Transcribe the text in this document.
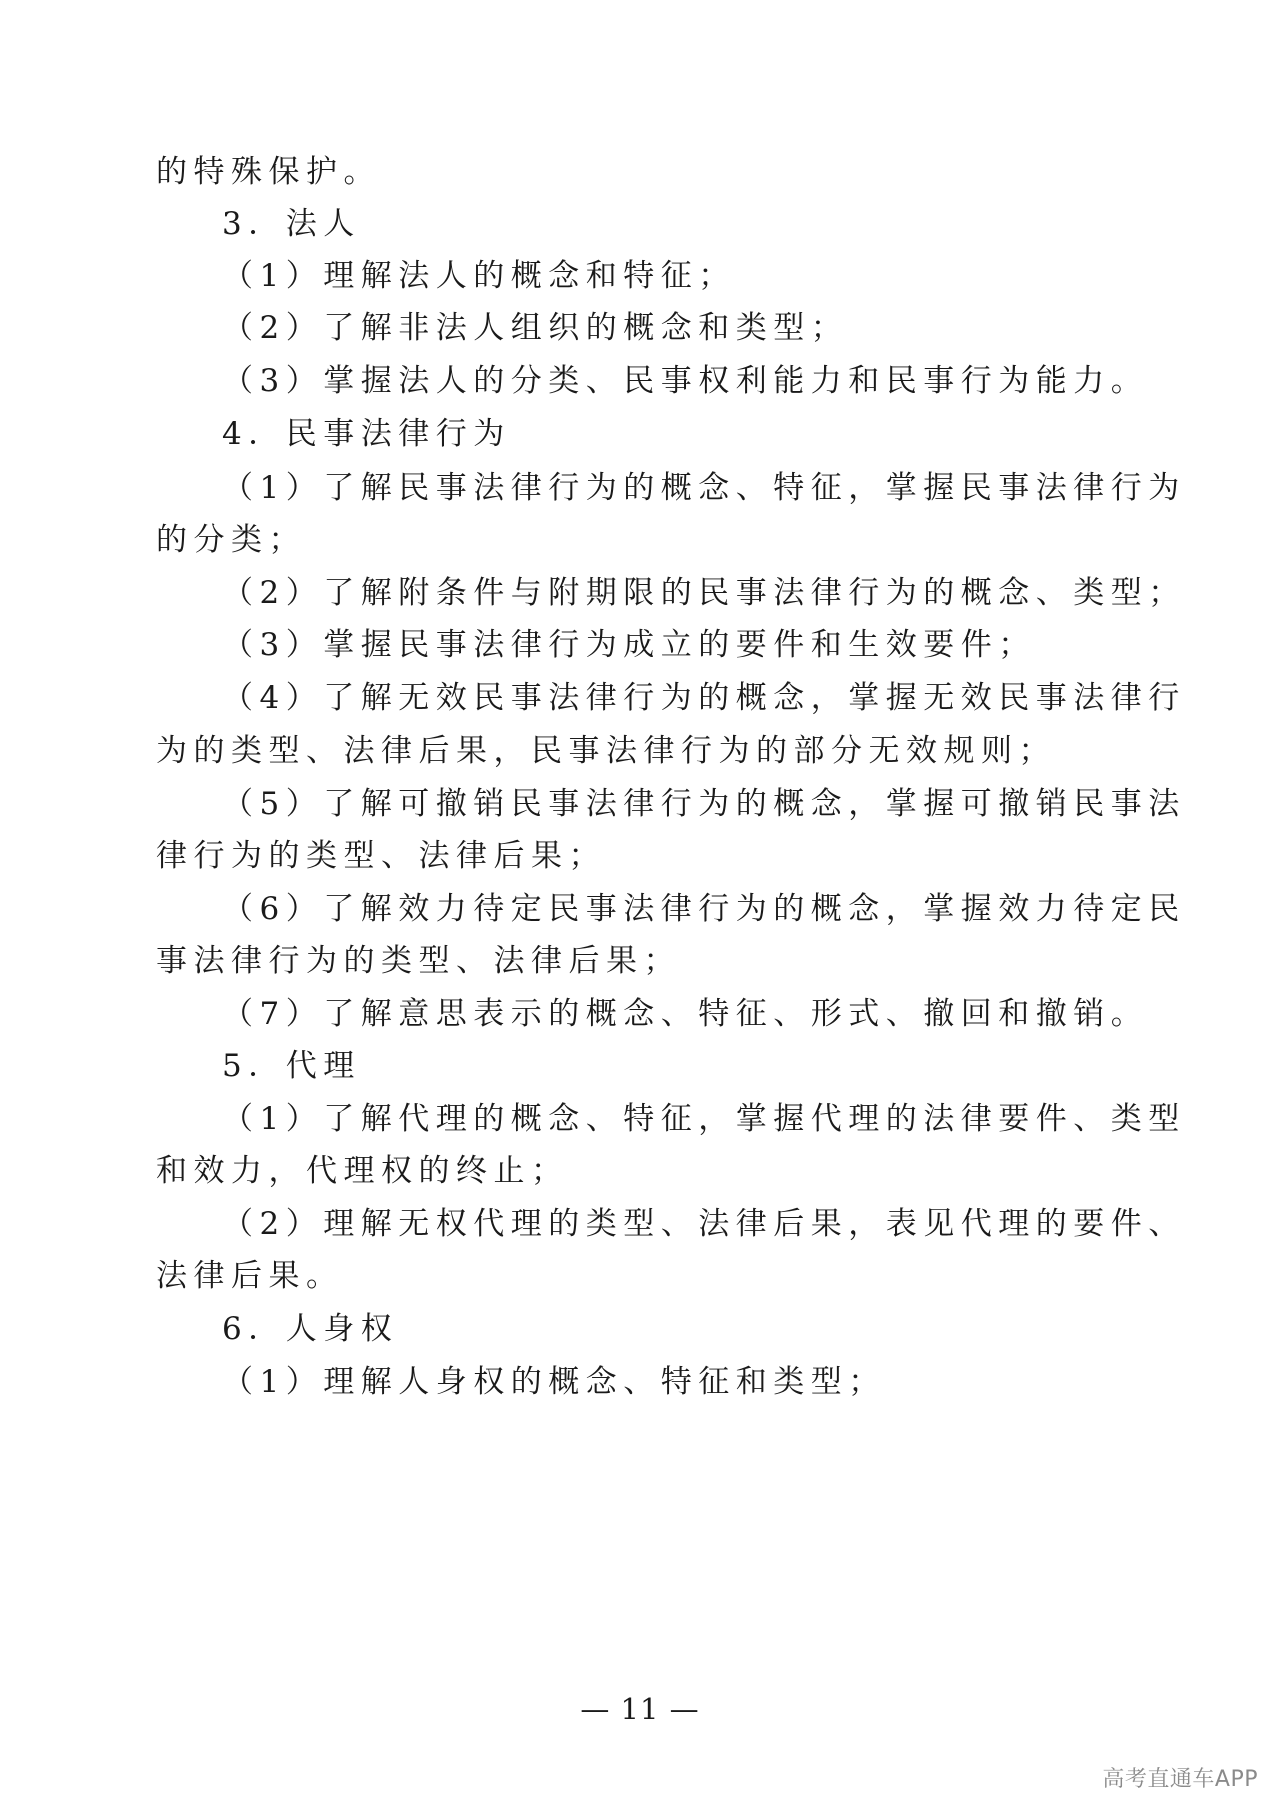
的特殊保护。
3．法人
（1）理解法人的概念和特征；
（2）了解非法人组织的概念和类型；
（3）掌握法人的分类、民事权利能力和民事行为能力。
4．民事法律行为
（1）了解民事法律行为的概念、特征，掌握民事法律行为
的分类；
（2）了解附条件与附期限的民事法律行为的概念、类型；
（3）掌握民事法律行为成立的要件和生效要件；
（4）了解无效民事法律行为的概念，掌握无效民事法律行
为的类型、法律后果，民事法律行为的部分无效规则；
（5）了解可撤销民事法律行为的概念，掌握可撤销民事法
律行为的类型、法律后果；
（6）了解效力待定民事法律行为的概念，掌握效力待定民
事法律行为的类型、法律后果；
（7）了解意思表示的概念、特征、形式、撤回和撤销。
5．代理
（1）了解代理的概念、特征，掌握代理的法律要件、类型
和效力，代理权的终止；
（2）理解无权代理的类型、法律后果，表见代理的要件、
法律后果。
6．人身权
（1）理解人身权的概念、特征和类型；
— 11 —
高考直通车APP
